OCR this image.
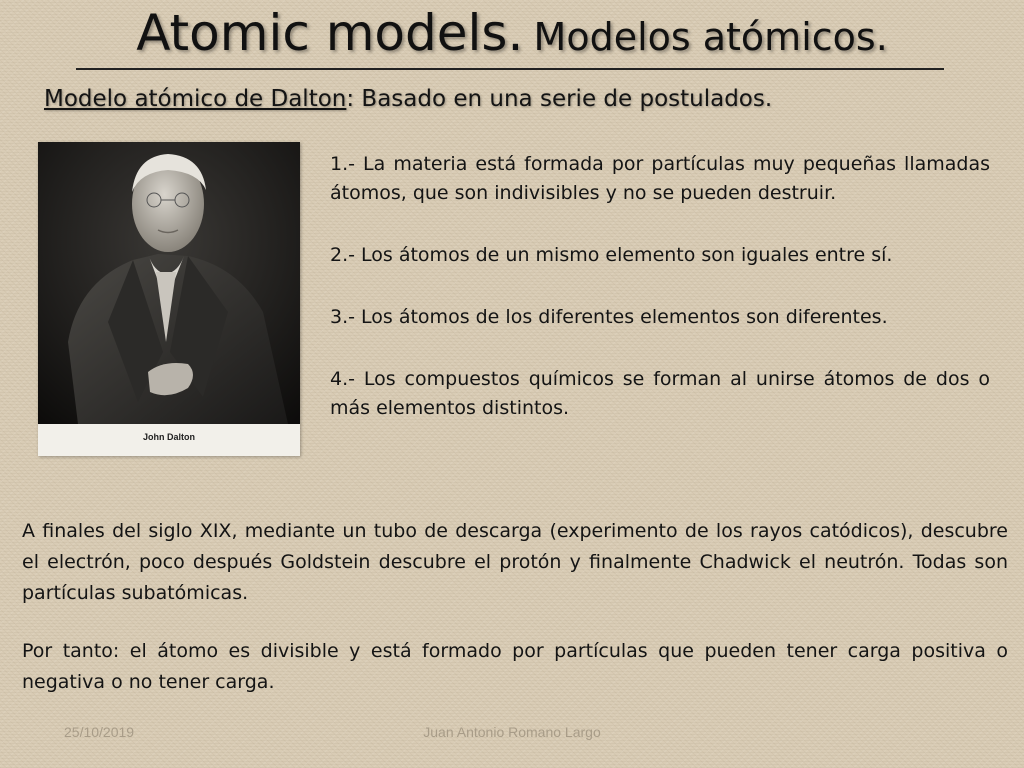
Atomic models. Modelos atómicos.
Modelo atómico de Dalton: Basado en una serie de postulados.
John Dalton

1.- La materia está formada por partículas muy pequeñas llamadas átomos, que son indivisibles y no se pueden destruir.

2.- Los átomos de un mismo elemento son iguales entre sí.

3.- Los átomos de los diferentes elementos son diferentes.

4.- Los compuestos químicos se forman al unirse átomos de dos o más elementos distintos.

A finales del siglo XIX, mediante un tubo de descarga (experimento de los rayos catódicos), descubre el electrón, poco después Goldstein descubre el protón y finalmente Chadwick el neutrón. Todas son partículas subatómicas.

Por tanto: el átomo es divisible y está formado por partículas que pueden tener carga positiva o negativa o no tener carga.

25/10/2019	Juan Antonio Romano Largo
